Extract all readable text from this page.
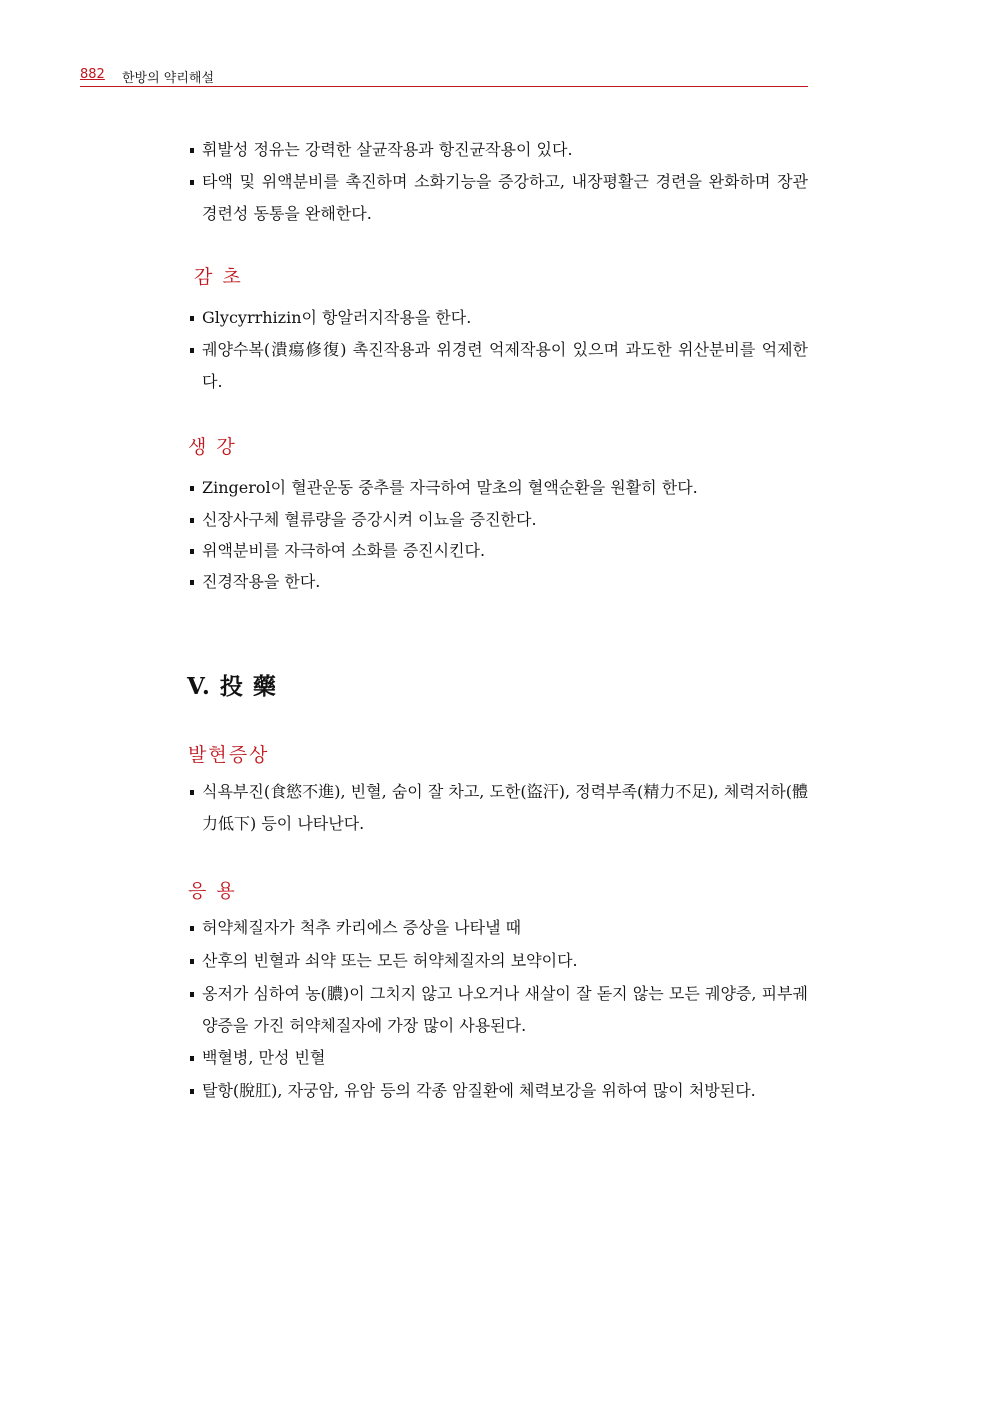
882 한방의 약리해설

휘발성 정유는 강력한 살균작용과 항진균작용이 있다.

타액 및 위액분비를 촉진하며 소화기능을 증강하고, 내장평활근 경련을 완화하며 장관 경련성 동통을 완해한다.

감 초

Glycyrrhizin이 항알러지작용을 한다.

궤양수복(潰瘍修復) 촉진작용과 위경련 억제작용이 있으며 과도한 위산분비를 억제한다.

생 강

Zingerol이 혈관운동 중추를 자극하여 말초의 혈액순환을 원활히 한다.

신장사구체 혈류량을 증강시켜 이뇨을 증진한다.

위액분비를 자극하여 소화를 증진시킨다.

진경작용을 한다.

V. 投 藥
발현증상

식욕부진(食慾不進), 빈혈, 숨이 잘 차고, 도한(盜汗), 정력부족(精力不足), 체력저하(體力低下) 등이 나타난다.

응 용

허약체질자가 척추 카리에스 증상을 나타낼 때

산후의 빈혈과 쇠약 또는 모든 허약체질자의 보약이다.

옹저가 심하여 농(膿)이 그치지 않고 나오거나 새살이 잘 돋지 않는 모든 궤양증, 피부궤양증을 가진 허약체질자에 가장 많이 사용된다.

백혈병, 만성 빈혈

탈항(脫肛), 자궁암, 유암 등의 각종 암질환에 체력보강을 위하여 많이 처방된다.
